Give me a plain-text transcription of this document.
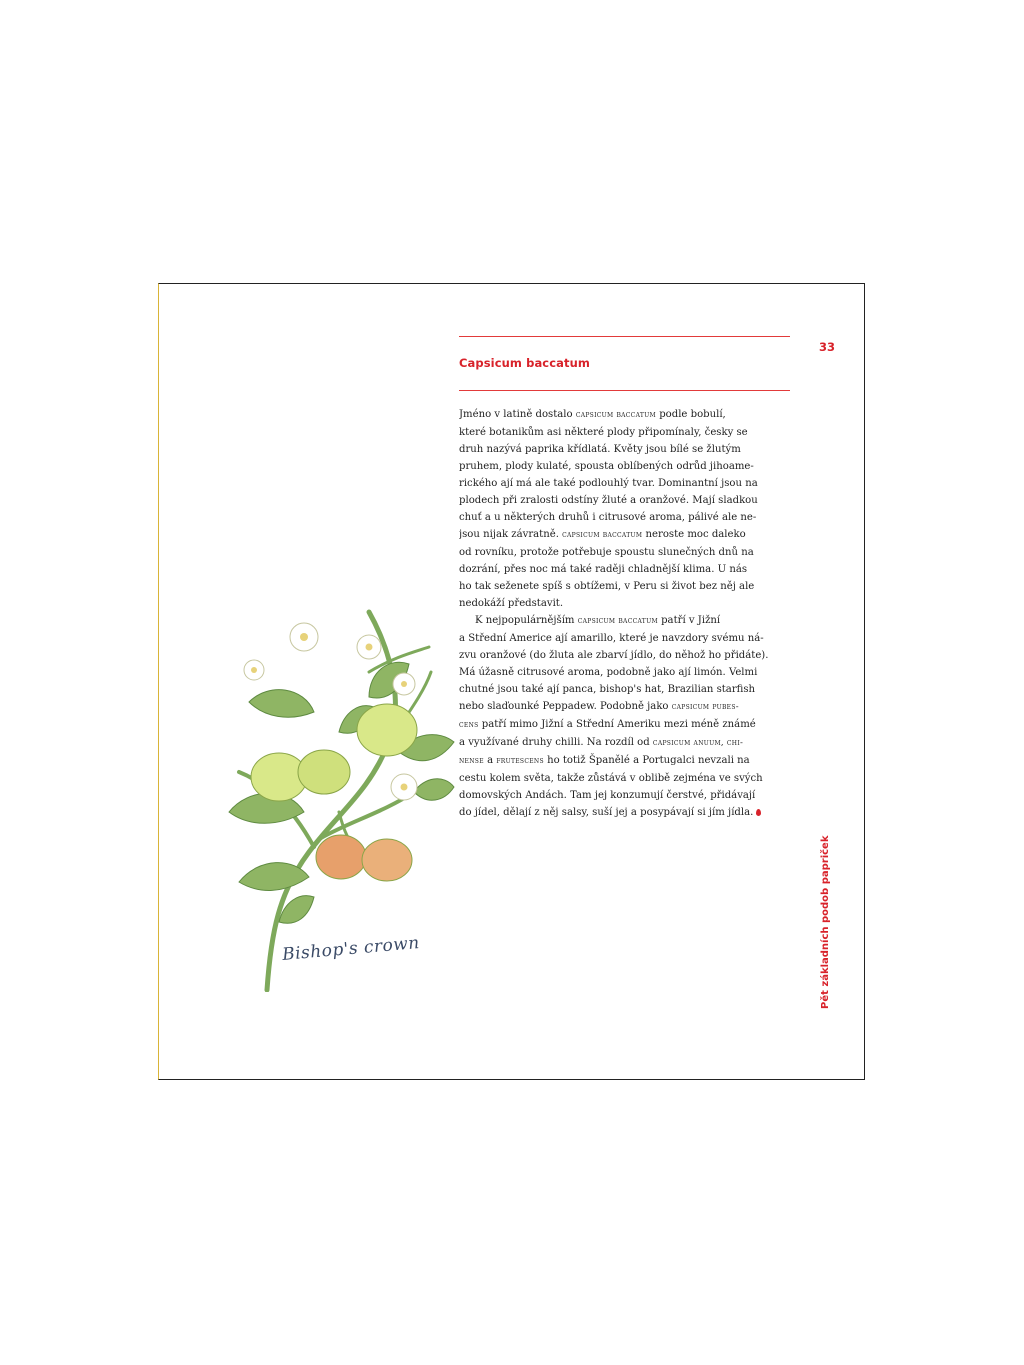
Capsicum baccatum
33
Pět základních podob papriček
Jméno v latině dostalo capsicum baccatum podle bobulí,
které botanikům asi některé plody připomínaly, česky se
druh nazývá paprika křídlatá. Květy jsou bílé se žlutým
pruhem, plody kulaté, spousta oblíbených odrůd jihoame-
rického ají má ale také podlouhlý tvar. Dominantní jsou na
plodech při zralosti odstíny žluté a oranžové. Mají sladkou
chuť a u některých druhů i citrusové aroma, pálivé ale ne-
jsou nijak závratně. capsicum baccatum neroste moc daleko
od rovníku, protože potřebuje spoustu slunečných dnů na
dozrání, přes noc má také raději chladnější klima. U nás
ho tak seženete spíš s obtížemi, v Peru si život bez něj ale
nedokáží představit.
K nejpopulárnějším capsicum baccatum patří v Jižní
a Střední Americe ají amarillo, které je navzdory svému ná-
zvu oranžové (do žluta ale zbarví jídlo, do něhož ho přidáte).
Má úžasně citrusové aroma, podobně jako ají limón. Velmi
chutné jsou také ají panca, bishop's hat, Brazilian starfish
nebo slaďounké Peppadew. Podobně jako capsicum pubes-
cens patří mimo Jižní a Střední Ameriku mezi méně známé
a využívané druhy chilli. Na rozdíl od capsicum anuum, chi-
nense a frutescens ho totiž Španělé a Portugalci nevzali na
cestu kolem světa, takže zůstává v oblibě zejména ve svých
domovských Andách. Tam jej konzumují čerstvé, přidávají
do jídel, dělají z něj salsy, suší jej a posypávají si jím jídla.
Bishop's crown
